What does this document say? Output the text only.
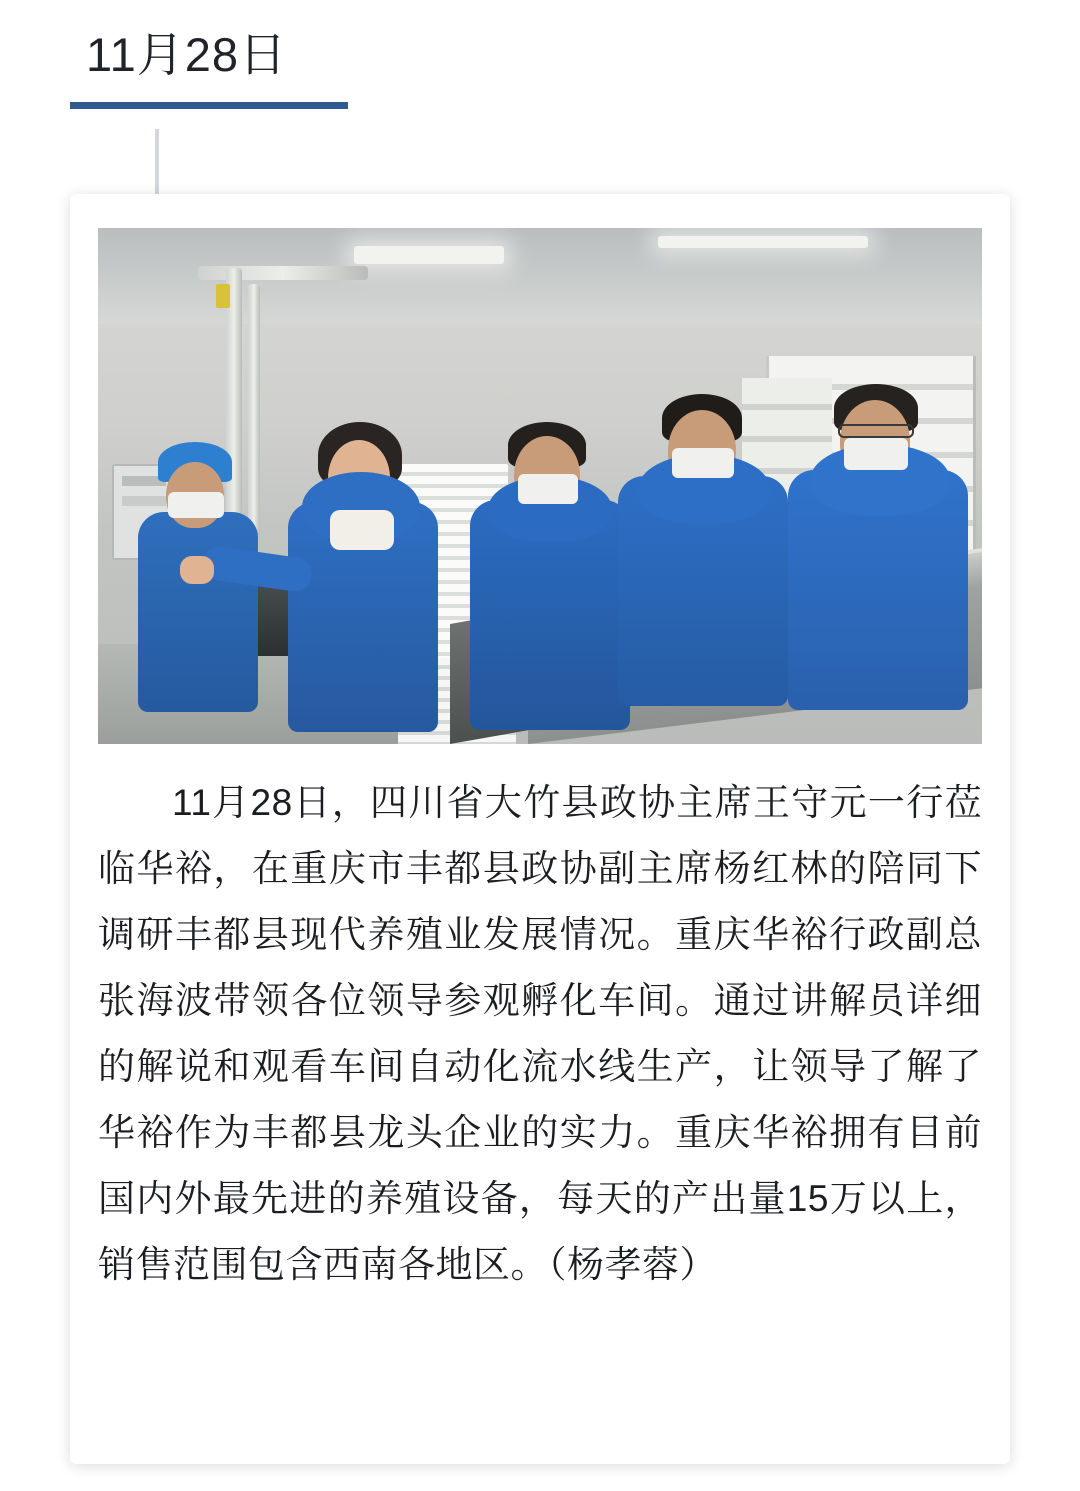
11月28日

11月28日，四川省大竹县政协主席王守元一行莅临华裕，在重庆市丰都县政协副主席杨红林的陪同下调研丰都县现代养殖业发展情况。重庆华裕行政副总张海波带领各位领导参观孵化车间。通过讲解员详细的解说和观看车间自动化流水线生产，让领导了解了华裕作为丰都县龙头企业的实力。重庆华裕拥有目前国内外最先进的养殖设备，每天的产出量15万以上，销售范围包含西南各地区。（杨孝蓉）
